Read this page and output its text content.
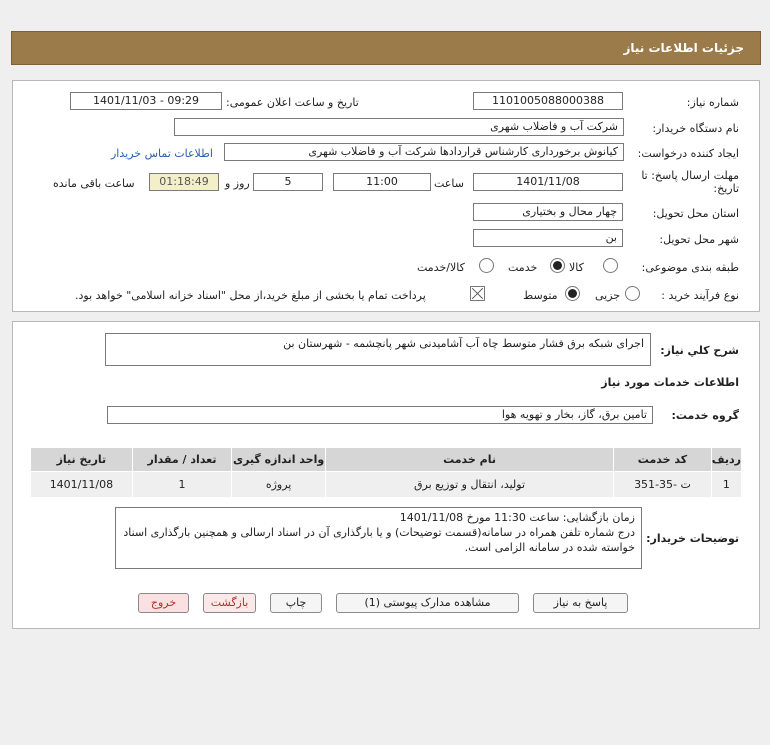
جزئیات اطلاعات نیاز
شماره نیاز:
1101005088000388
تاریخ و ساعت اعلان عمومی:
1401/11/03 - 09:29
نام دستگاه خریدار:
شرکت آب و فاضلاب شهری
ایجاد کننده درخواست:
کیانوش برخورداری کارشناس قراردادها شرکت آب و فاضلاب شهری
اطلاعات تماس خریدار
مهلت ارسال پاسخ: تا
تاریخ:
1401/11/08
ساعت
11:00
5
روز و
01:18:49
ساعت باقی مانده
استان محل تحویل:
چهار محال و بختیاری
شهر محل تحویل:
بن
طبقه بندی موضوعی:
کالا
خدمت
کالا/خدمت
نوع فرآیند خرید :
جزیی
متوسط
پرداخت تمام یا بخشی از مبلغ خرید،از محل "اسناد خزانه اسلامی" خواهد بود.
شرح کلي نياز:
اجرای شبکه برق فشار متوسط چاه آب آشامیدنی شهر پانچشمه - شهرستان بن
اطلاعات خدمات مورد نیاز
گروه خدمت:
تامین برق، گاز، بخار و تهویه هوا
ردیف	کد خدمت	نام خدمت	واحد اندازه گیری	تعداد / مقدار	تاریخ نیاز
1	ت -35-351	تولید، انتقال و توزیع برق	پروژه	1	1401/11/08
توضیحات خریدار:
زمان بازگشایی: ساعت 11:30 مورخ 1401/11/08
درج شماره تلفن همراه در سامانه(قسمت توضیحات) و یا بارگذاری آن در اسناد ارسالی و همچنین بارگذاری اسناد خواسته شده در سامانه الزامی است.
پاسخ به نیاز
مشاهده مدارک پیوستی (1)
چاپ
بازگشت
خروج
